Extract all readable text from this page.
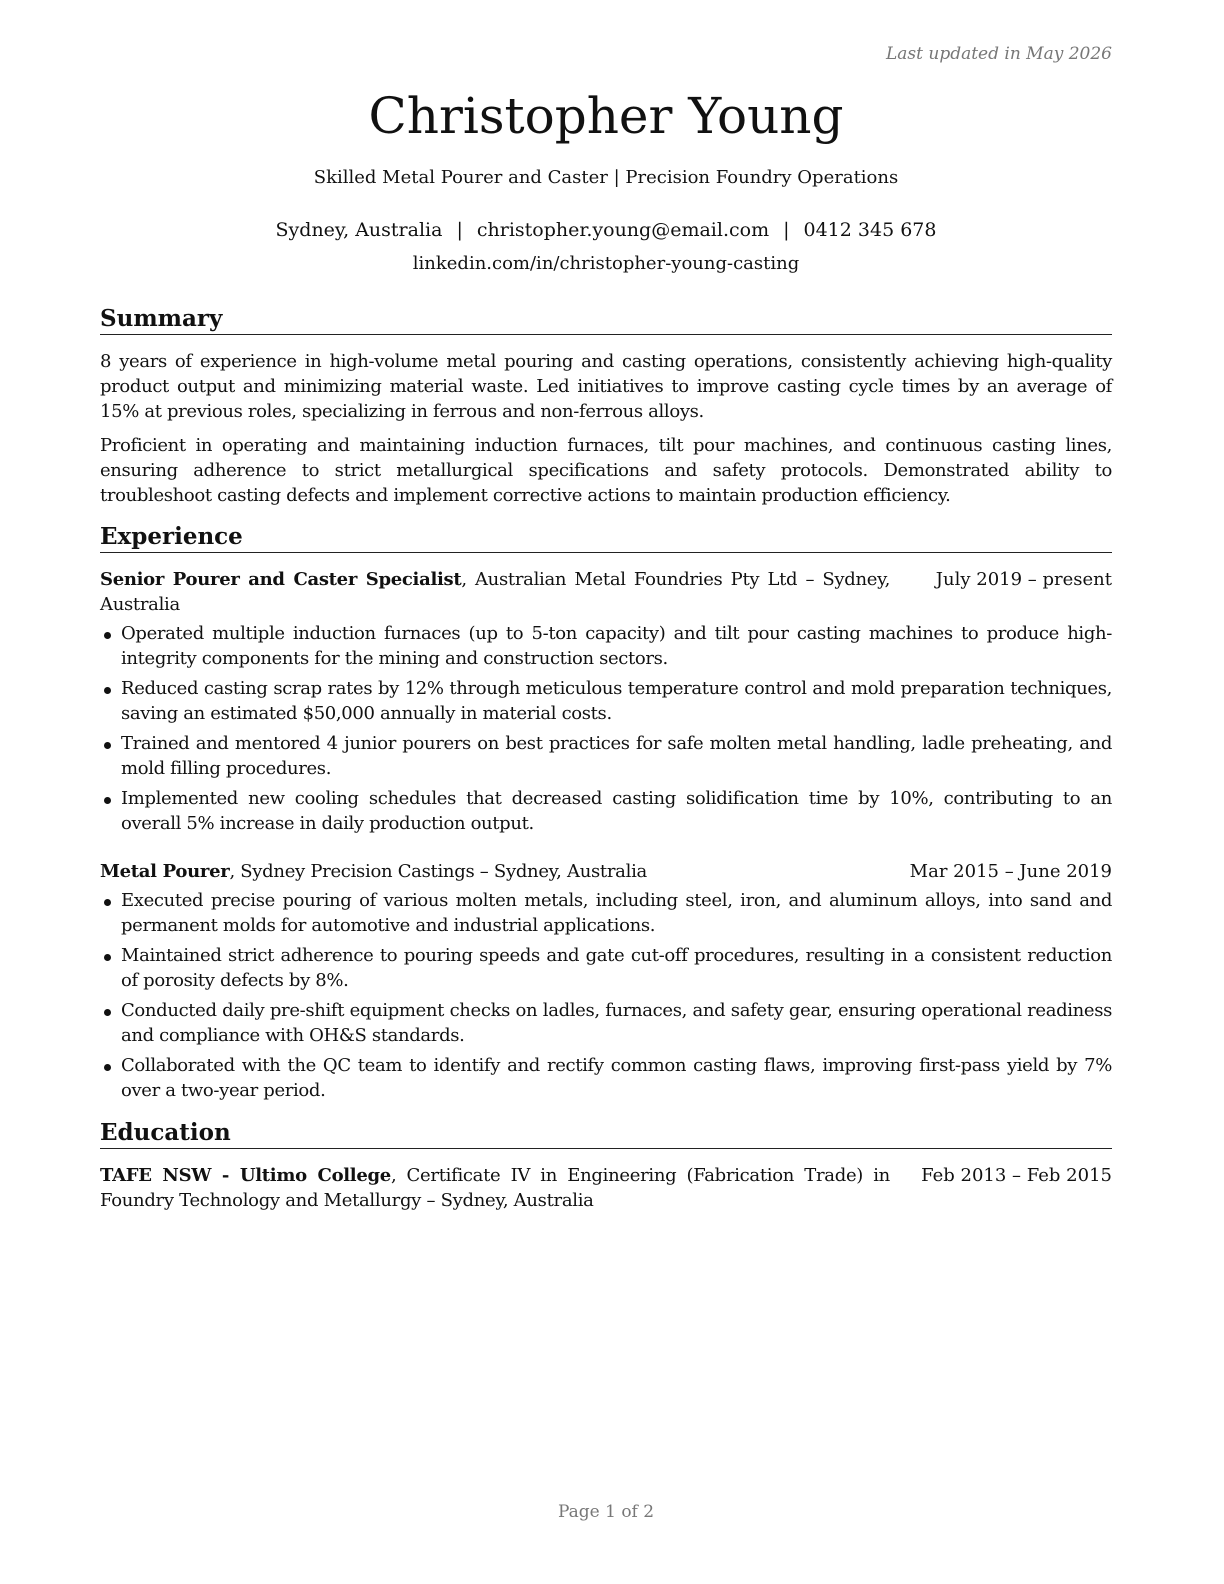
Last updated in May 2026
Christopher Young
Skilled Metal Pourer and Caster | Precision Foundry Operations
Sydney, Australia | christopher.young@email.com | 0412 345 678
linkedin.com/in/christopher-young-casting
Summary

8 years of experience in high-volume metal pouring and casting operations, consistently achieving high-quality product output and minimizing material waste. Led initiatives to improve casting cycle times by an average of 15% at previous roles, specializing in ferrous and non-ferrous alloys.

Proficient in operating and maintaining induction furnaces, tilt pour machines, and continuous casting lines, ensuring adherence to strict metallurgical specifications and safety protocols. Demonstrated ability to troubleshoot casting defects and implement corrective actions to maintain production efficiency.

Experience
Senior Pourer and Caster Specialist, Australian Metal Foundries Pty Ltd – Sydney, Australia
July 2019 – present
Operated multiple induction furnaces (up to 5-ton capacity) and tilt pour casting machines to produce high-integrity components for the mining and construction sectors.
Reduced casting scrap rates by 12% through meticulous temperature control and mold preparation techniques, saving an estimated $50,000 annually in material costs.
Trained and mentored 4 junior pourers on best practices for safe molten metal handling, ladle preheating, and mold filling procedures.
Implemented new cooling schedules that decreased casting solidification time by 10%, contributing to an overall 5% increase in daily production output.
Metal Pourer, Sydney Precision Castings – Sydney, Australia	Mar 2015 – June 2019
Executed precise pouring of various molten metals, including steel, iron, and aluminum alloys, into sand and permanent molds for automotive and industrial applications.
Maintained strict adherence to pouring speeds and gate cut-off procedures, resulting in a consistent reduction of porosity defects by 8%.
Conducted daily pre-shift equipment checks on ladles, furnaces, and safety gear, ensuring operational readiness and compliance with OH&S standards.
Collaborated with the QC team to identify and rectify common casting flaws, improving first-pass yield by 7% over a two-year period.
Education
TAFE NSW - Ultimo College, Certificate IV in Engineering (Fabrication Trade) in Foundry Technology and Metallurgy – Sydney, Australia
Feb 2013 – Feb 2015
Page 1 of 2
